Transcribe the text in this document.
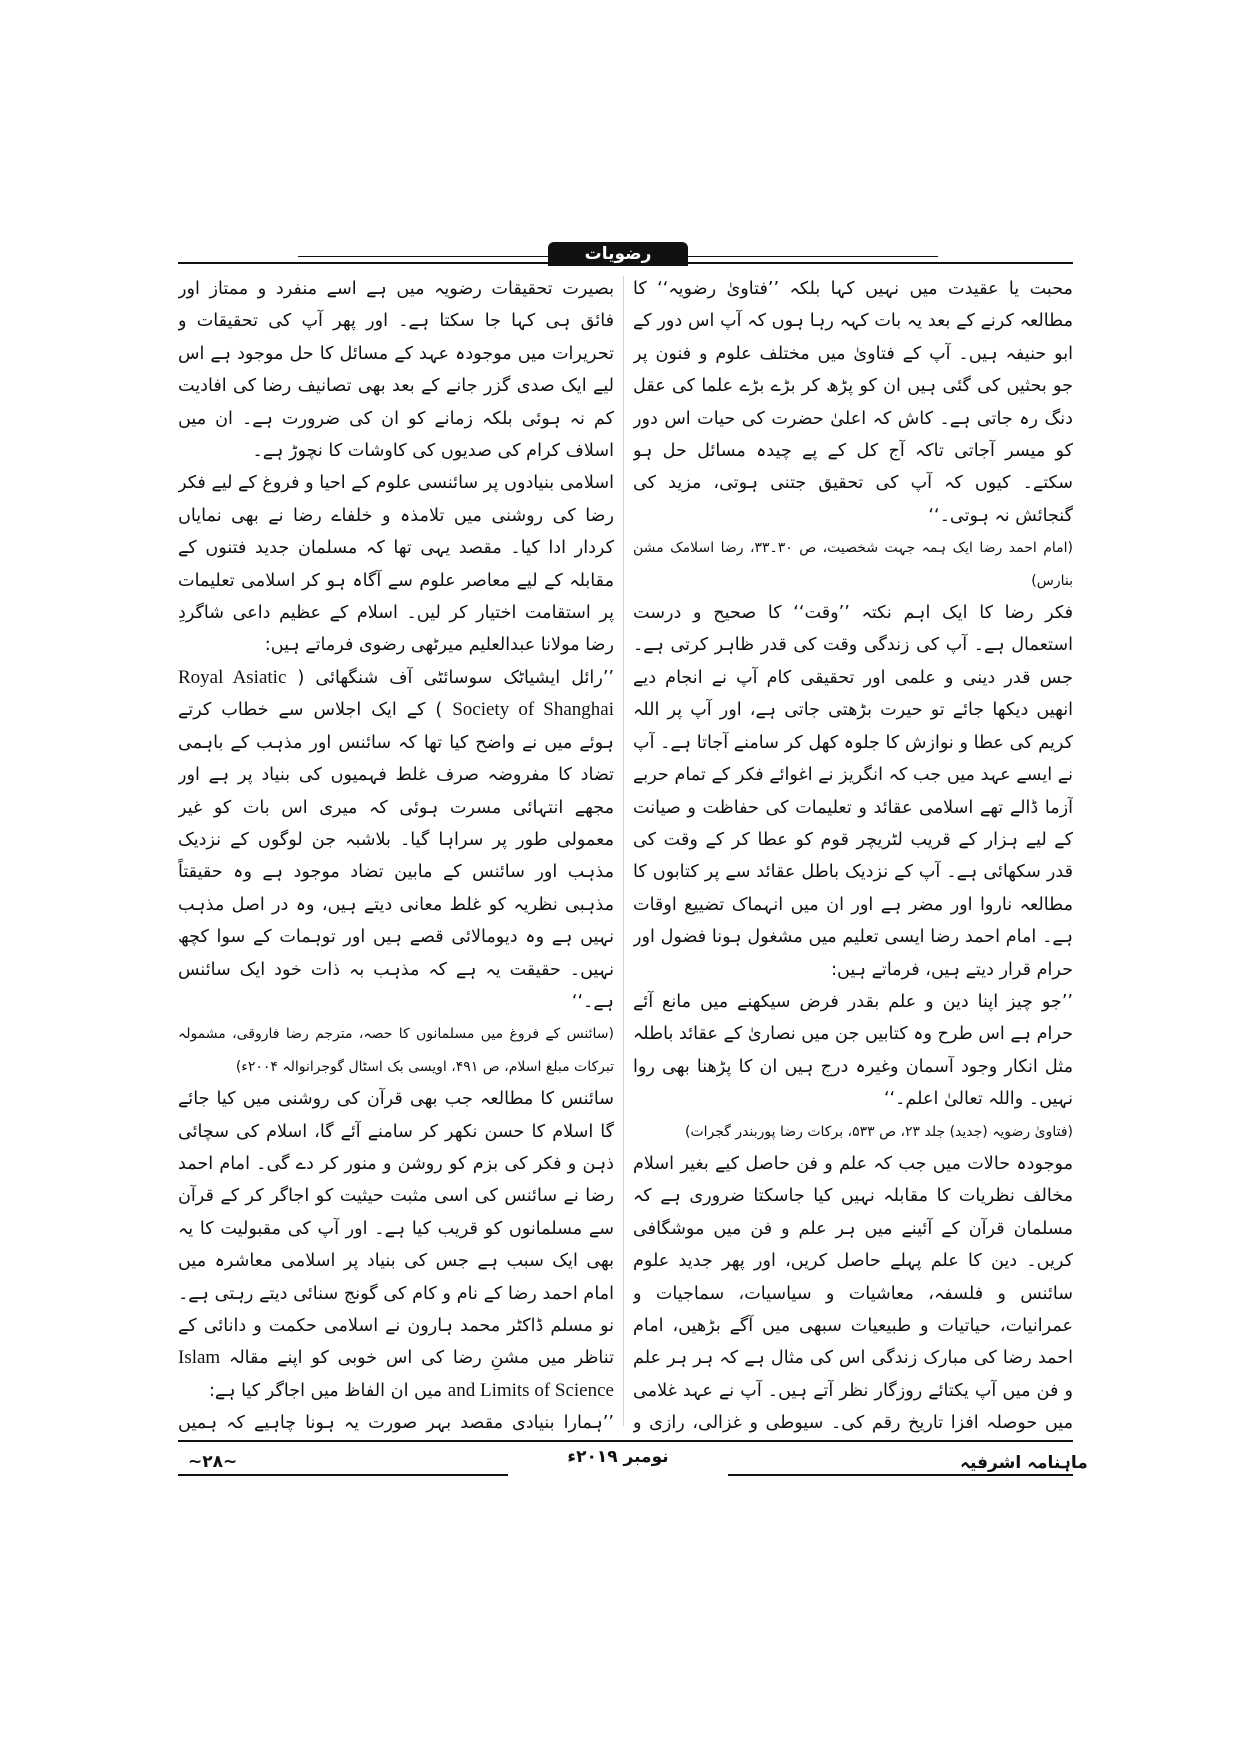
رضویات

محبت یا عقیدت میں نہیں کہا بلکہ ’’فتاویٰ رضویہ‘‘ کا مطالعہ کرنے کے بعد یہ بات کہہ رہا ہوں کہ آپ اس دور کے ابو حنیفہ ہیں۔ آپ کے فتاویٰ میں مختلف علوم و فنون پر جو بحثیں کی گئی ہیں ان کو پڑھ کر بڑے بڑے علما کی عقل دنگ رہ جاتی ہے۔ کاش کہ اعلیٰ حضرت کی حیات اس دور کو میسر آجاتی تاکہ آج کل کے پے چیدہ مسائل حل ہو سکتے۔ کیوں کہ آپ کی تحقیق جتنی ہوتی، مزید کی گنجائش نہ ہوتی۔‘‘

(امام احمد رضا ایک ہمہ جہت شخصیت، ص ۳۰۔۳۳، رضا اسلامک مشن بنارس)

فکر رضا کا ایک اہم نکتہ ’’وقت‘‘ کا صحیح و درست استعمال ہے۔ آپ کی زندگی وقت کی قدر ظاہر کرتی ہے۔ جس قدر دینی و علمی اور تحقیقی کام آپ نے انجام دیے انھیں دیکھا جائے تو حیرت بڑھتی جاتی ہے، اور آپ پر اللہ کریم کی عطا و نوازش کا جلوہ کھل کر سامنے آجاتا ہے۔ آپ نے ایسے عہد میں جب کہ انگریز نے اغوائے فکر کے تمام حربے آزما ڈالے تھے اسلامی عقائد و تعلیمات کی حفاظت و صیانت کے لیے ہزار کے قریب لٹریچر قوم کو عطا کر کے وقت کی قدر سکھائی ہے۔ آپ کے نزدیک باطل عقائد سے پر کتابوں کا مطالعہ ناروا اور مضر ہے اور ان میں انہماک تضییع اوقات ہے۔ امام احمد رضا ایسی تعلیم میں مشغول ہونا فضول اور حرام قرار دیتے ہیں، فرماتے ہیں:

’’جو چیز اپنا دین و علم بقدر فرض سیکھنے میں مانع آئے حرام ہے اس طرح وہ کتابیں جن میں نصاریٰ کے عقائد باطلہ مثل انکار وجود آسمان وغیرہ درج ہیں ان کا پڑھنا بھی روا نہیں۔ واللہ تعالیٰ اعلم۔‘‘

(فتاویٰ رضویہ (جدید) جلد ۲۳، ص ۵۳۳، برکات رضا پوربندر گجرات)

موجودہ حالات میں جب کہ علم و فن حاصل کیے بغیر اسلام مخالف نظریات کا مقابلہ نہیں کیا جاسکتا ضروری ہے کہ مسلمان قرآن کے آئینے میں ہر علم و فن میں موشگافی کریں۔ دین کا علم پہلے حاصل کریں، اور پھر جدید علوم سائنس و فلسفہ، معاشیات و سیاسیات، سماجیات و عمرانیات، حیاتیات و طبیعیات سبھی میں آگے بڑھیں، امام احمد رضا کی مبارک زندگی اس کی مثال ہے کہ ہر ہر علم و فن میں آپ یکتائے روزگار نظر آتے ہیں۔ آپ نے عہد غلامی میں حوصلہ افزا تاریخ رقم کی۔ سیوطی و غزالی، رازی و

بصیرت تحقیقات رضویہ میں ہے اسے منفرد و ممتاز اور فائق ہی کہا جا سکتا ہے۔ اور پھر آپ کی تحقیقات و تحریرات میں موجودہ عہد کے مسائل کا حل موجود ہے اس لیے ایک صدی گزر جانے کے بعد بھی تصانیف رضا کی افادیت کم نہ ہوئی بلکہ زمانے کو ان کی ضرورت ہے۔ ان میں اسلاف کرام کی صدیوں کی کاوشات کا نچوڑ ہے۔

اسلامی بنیادوں پر سائنسی علوم کے احیا و فروغ کے لیے فکر رضا کی روشنی میں تلامذہ و خلفاے رضا نے بھی نمایاں کردار ادا کیا۔ مقصد یہی تھا کہ مسلمان جدید فتنوں کے مقابلہ کے لیے معاصر علوم سے آگاہ ہو کر اسلامی تعلیمات پر استقامت اختیار کر لیں۔ اسلام کے عظیم داعی شاگردِ رضا مولانا عبدالعلیم میرٹھی رضوی فرماتے ہیں:

’’رائل ایشیاٹک سوسائٹی آف شنگھائی ( Royal Asiatic Society of Shanghai ) کے ایک اجلاس سے خطاب کرتے ہوئے میں نے واضح کیا تھا کہ سائنس اور مذہب کے باہمی تضاد کا مفروضہ صرف غلط فہمیوں کی بنیاد پر ہے اور مجھے انتہائی مسرت ہوئی کہ میری اس بات کو غیر معمولی طور پر سراہا گیا۔ بلاشبہ جن لوگوں کے نزدیک مذہب اور سائنس کے مابین تضاد موجود ہے وہ حقیقتاً مذہبی نظریہ کو غلط معانی دیتے ہیں، وہ در اصل مذہب نہیں ہے وہ دیومالائی قصے ہیں اور توہمات کے سوا کچھ نہیں۔ حقیقت یہ ہے کہ مذہب بہ ذات خود ایک سائنس ہے۔‘‘

(سائنس کے فروغ میں مسلمانوں کا حصہ، مترجم رضا فاروقی، مشمولہ تبرکات مبلغ اسلام، ص ۴۹۱، اویسی بک اسٹال گوجرانوالہ ۲۰۰۴ء)

سائنس کا مطالعہ جب بھی قرآن کی روشنی میں کیا جائے گا اسلام کا حسن نکھر کر سامنے آئے گا، اسلام کی سچائی ذہن و فکر کی بزم کو روشن و منور کر دے گی۔ امام احمد رضا نے سائنس کی اسی مثبت حیثیت کو اجاگر کر کے قرآن سے مسلمانوں کو قریب کیا ہے۔ اور آپ کی مقبولیت کا یہ بھی ایک سبب ہے جس کی بنیاد پر اسلامی معاشرہ میں امام احمد رضا کے نام و کام کی گونج سنائی دیتے رہتی ہے۔ نو مسلم ڈاکٹر محمد ہارون نے اسلامی حکمت و دانائی کے تناظر میں مشنِ رضا کی اس خوبی کو اپنے مقالہ Islam and Limits of Science میں ان الفاظ میں اجاگر کیا ہے:

’’ہمارا بنیادی مقصد بہر صورت یہ ہونا چاہیے کہ ہمیں

ماہنامہ اشرفیہ
نومبر ۲۰۱۹ء
~۲۸~
